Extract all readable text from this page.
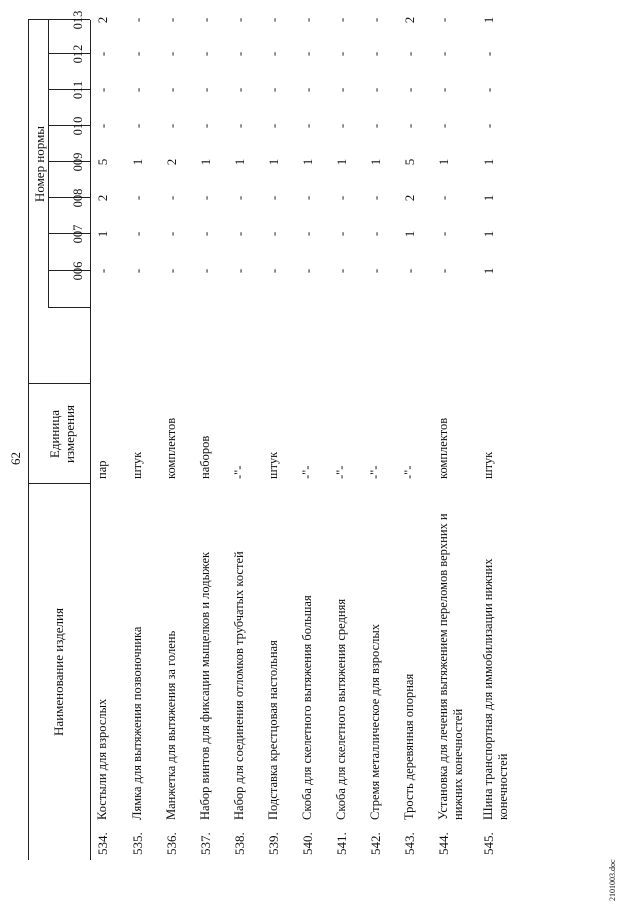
62
Наименование изделия
Единица измерения
Номер нормы
006
007
008
009
010
011
012
013
534.
Костыли для взрослых
пар
-
1
2
5
-
-
-
2
535.
Лямка для вытяжения позвоночника
штук
-
-
-
1
-
-
-
-
536.
Манжетка для вытяжения за голень
комплектов
-
-
-
2
-
-
-
-
537.
Набор винтов для фиксации мыщелков и лодыжек
наборов
-
-
-
1
-
-
-
-
538.
Набор для соединения отломков трубчатых костей
-"-
-
-
-
1
-
-
-
-
539.
Подставка крестцовая настольная
штук
-
-
-
1
-
-
-
-
540.
Скоба для скелетного вытяжения большая
-"-
-
-
-
1
-
-
-
-
541.
Скоба для скелетного вытяжения средняя
-"-
-
-
-
1
-
-
-
-
542.
Стремя металлическое для взрослых
-"-
-
-
-
1
-
-
-
-
543.
Трость деревянная опорная
-"-
-
1
2
5
-
-
-
2
544.
Установка для лечения вытяжением переломов верхних и нижних конечностей
комплектов
-
-
-
1
-
-
-
-
545.
Шина транспортная для иммобилизации нижних конечностей
штук
1
1
1
1
-
-
-
1
2101003.doc
